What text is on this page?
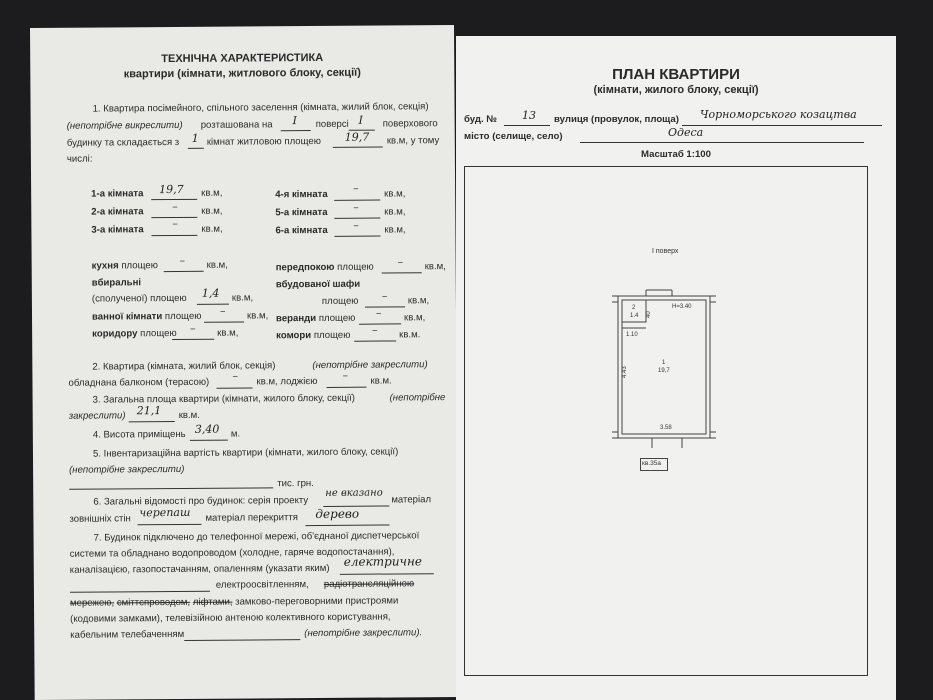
ТЕХНІЧНА ХАРАКТЕРИСТИКА
квартири (кімнати, житлового блоку, секції)
1. Квартира посімейного, спільного заселення (кімната, жилий блок, секція)
(непотрібне викреслити) розташована на I поверсі I поверхового
будинку та складається з 1 кімнат житловою площею 19,7 кв.м, у тому
числі:
1-а кімната 19,7 кв.м,
2-а кімната	– кв.м,
3-а кімната	– кв.м,
4-я кімната –	кв.м,
5-а кімната –	кв.м,
6-а кімната –	кв.м,
кухня площею – кв.м,
вбиральні
(сполученої) площею 1,4 кв.м,
ванної кімнати площею – кв.м,
коридору площею – кв.м,
передпокою площею – кв.м,
вбудованої шафи
площею – кв.м,
веранди площею – кв.м,
комори площею – кв.м.
2. Квартира (кімната, жилий блок, секція)	(непотрібне закреслити)
обладнана балконом (терасою)
– кв.м, лоджією – кв.м.
3. Загальна площа квартири (кімнати, жилого блоку, секції)	(непотрібне
закреслити) 21,1 кв.м.
4. Висота приміщень 3,40 м.
5. Інвентаризаційна вартість квартири (кімнати, жилого блоку, секції)
(непотрібне закреслити)
тис. грн.
6. Загальні відомості про будинок: серія проекту
не вказано
матеріал
зовнішніх стін черепаш матеріал перекриття дерево
7. Будинок підключено до телефонної мережі, об'єднаної диспетчерської
системи та обладнано водопроводом (холодне, гаряче водопостачання),
каналізацією, газопостачанням, опаленням (указати яким)
електричне
електроосвітленням, радіотрансляційною
мережею, сміттєпроводом, ліфтами, замково-переговорними пристроями
(кодовими замками), телевізійною антеною колективного користування,
кабельним телебаченням	(непотрібне закреслити).
ПЛАН КВАРТИРИ
(кімнати, жилого блоку, секції)
буд. № 13 вулиця (провулок, площа) Чорноморського козацтва
місто (селище, село)	Одеса
Масштаб 1:100
I поверх
2
1.4 40
H=3.40
1.10
1
19,7
4.43
3.58
кв.35а
